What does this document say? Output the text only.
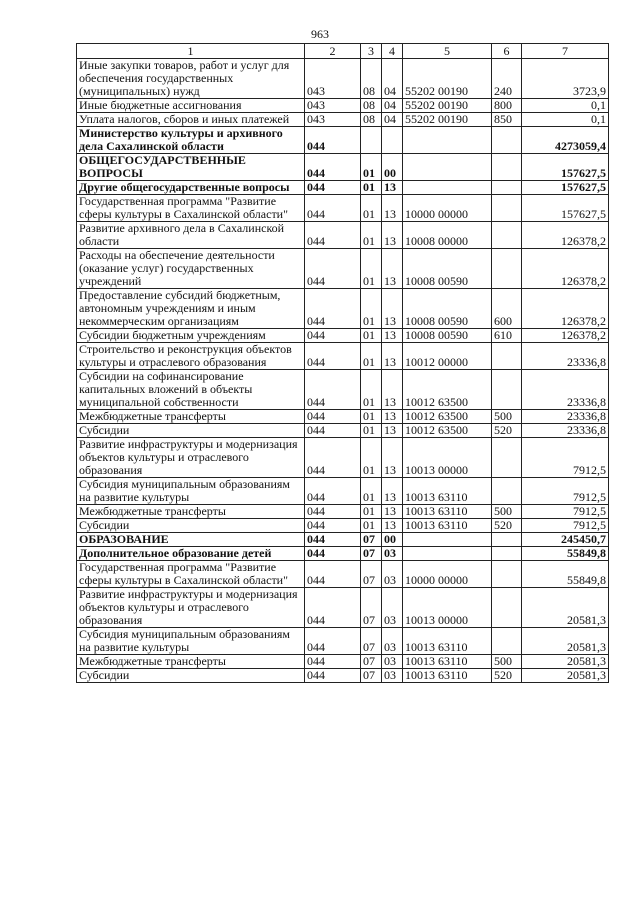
963
1	2	3	4	5	6	7
Иные закупки товаров, работ и услуг для обеспечения государственных (муниципальных) нужд	043	08	04	55202 00190	240	3723,9
Иные бюджетные ассигнования	043	08	04	55202 00190	800	0,1
Уплата налогов, сборов и иных платежей	043	08	04	55202 00190	850	0,1
Министерство культуры и архивного дела Сахалинской области	044					4273059,4
ОБЩЕГОСУДАРСТВЕННЫЕ ВОПРОСЫ	044	01	00			157627,5
Другие общегосударственные вопросы	044	01	13			157627,5
Государственная программа "Развитие сферы культуры в Сахалинской области"	044	01	13	10000 00000		157627,5
Развитие архивного дела в Сахалинской области	044	01	13	10008 00000		126378,2
Расходы на обеспечение деятельности (оказание услуг) государственных учреждений	044	01	13	10008 00590		126378,2
Предоставление субсидий бюджетным, автономным учреждениям и иным некоммерческим организациям	044	01	13	10008 00590	600	126378,2
Субсидии бюджетным учреждениям	044	01	13	10008 00590	610	126378,2
Строительство и реконструкция объектов культуры и отраслевого образования	044	01	13	10012 00000		23336,8
Субсидии на софинансирование капитальных вложений в объекты муниципальной собственности	044	01	13	10012 63500		23336,8
Межбюджетные трансферты	044	01	13	10012 63500	500	23336,8
Субсидии	044	01	13	10012 63500	520	23336,8
Развитие инфраструктуры и модернизация объектов культуры и отраслевого образования	044	01	13	10013 00000		7912,5
Субсидия муниципальным образованиям на развитие культуры	044	01	13	10013 63110		7912,5
Межбюджетные трансферты	044	01	13	10013 63110	500	7912,5
Субсидии	044	01	13	10013 63110	520	7912,5
ОБРАЗОВАНИЕ	044	07	00			245450,7
Дополнительное образование детей	044	07	03			55849,8
Государственная программа "Развитие сферы культуры в Сахалинской области"	044	07	03	10000 00000		55849,8
Развитие инфраструктуры и модернизация объектов культуры и отраслевого образования	044	07	03	10013 00000		20581,3
Субсидия муниципальным образованиям на развитие культуры	044	07	03	10013 63110		20581,3
Межбюджетные трансферты	044	07	03	10013 63110	500	20581,3
Субсидии	044	07	03	10013 63110	520	20581,3
